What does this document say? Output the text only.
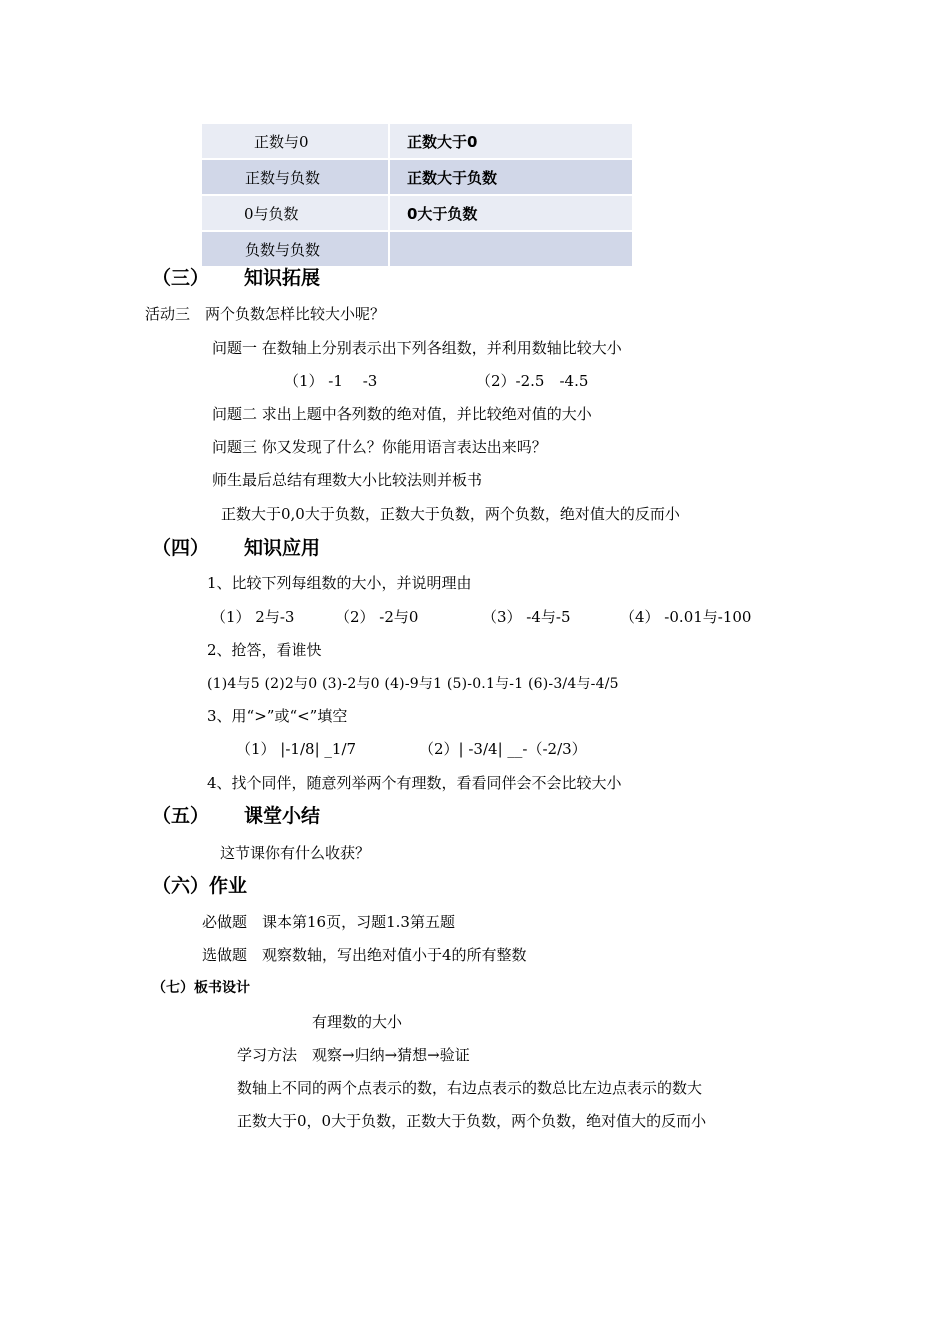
正数与0	正数大于0
正数与负数	正数大于负数
0与负数	0大于负数
负数与负数	
（三） 知识拓展
活动三　两个负数怎样比较大小呢？
问题一 在数轴上分别表示出下列各组数，并利用数轴比较大小
（1） -1　 -3	（2）-2.5　-4.5
问题二 求出上题中各列数的绝对值，并比较绝对值的大小
问题三 你又发现了什么？你能用语言表达出来吗？
师生最后总结有理数大小比较法则并板书
正数大于0,0大于负数，正数大于负数，两个负数，绝对值大的反而小
（四） 知识应用
1、比较下列每组数的大小，并说明理由
（1） 2与-3	（2） -2与0	（3） -4与-5	（4） -0.01与-100
2、抢答，看谁快
(1)4与5 (2)2与0 (3)-2与0 (4)-9与1 (5)-0.1与-1 (6)-3/4与-4/5
3、用“>”或“<”填空
（1） |-1/8| _1/7	（2）| -3/4| __-（-2/3）
4、找个同伴，随意列举两个有理数，看看同伴会不会比较大小
（五） 课堂小结
这节课你有什么收获？
（六）作业
必做题　课本第16页，习题1.3第五题
选做题　观察数轴，写出绝对值小于4的所有整数
（七）板书设计
有理数的大小
学习方法　观察→归纳→猜想→验证
数轴上不同的两个点表示的数，右边点表示的数总比左边点表示的数大
正数大于0，0大于负数，正数大于负数，两个负数，绝对值大的反而小
